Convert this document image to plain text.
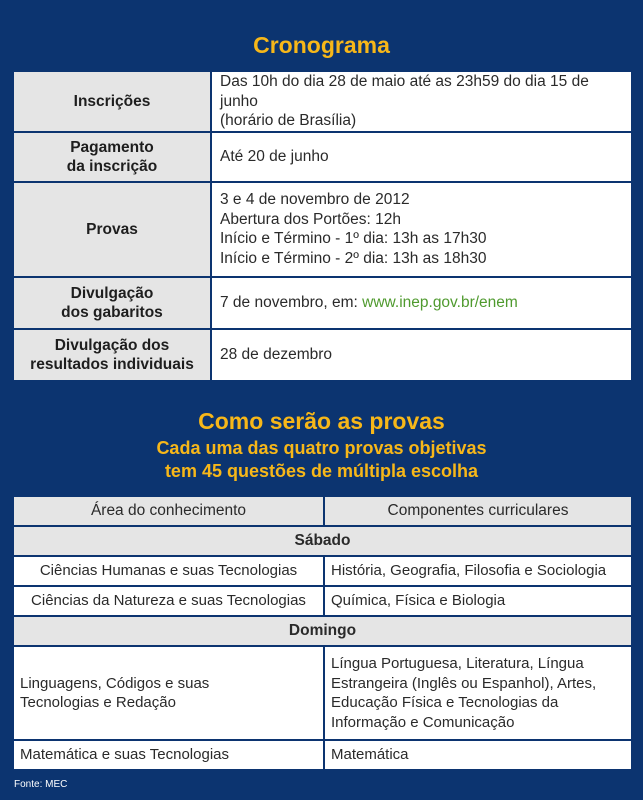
Cronograma
Inscrições	Das 10h do dia 28 de maio até as 23h59 do dia 15 de junho
(horário de Brasília)
Pagamento
da inscrição	Até 20 de junho
Provas	3 e 4 de novembro de 2012
Abertura dos Portões: 12h
Início e Término - 1º dia: 13h as 17h30
Início e Término - 2º dia: 13h as 18h30
Divulgação
dos gabaritos	7 de novembro, em: www.inep.gov.br/enem
Divulgação dos
resultados individuais	28 de dezembro
Como serão as provas
Cada uma das quatro provas objetivas
tem 45 questões de múltipla escolha
Área do conhecimento	Componentes curriculares
Sábado	
Ciências Humanas e suas Tecnologias	História, Geografia, Filosofia e Sociologia
Ciências da Natureza e suas Tecnologias	Química, Física e Biologia
Domingo	
Linguagens, Códigos e suas
Tecnologias e Redação	Língua Portuguesa, Literatura, Língua
Estrangeira (Inglês ou Espanhol), Artes,
Educação Física e Tecnologias da
Informação e Comunicação
Matemática e suas Tecnologias	Matemática
Fonte: MEC
